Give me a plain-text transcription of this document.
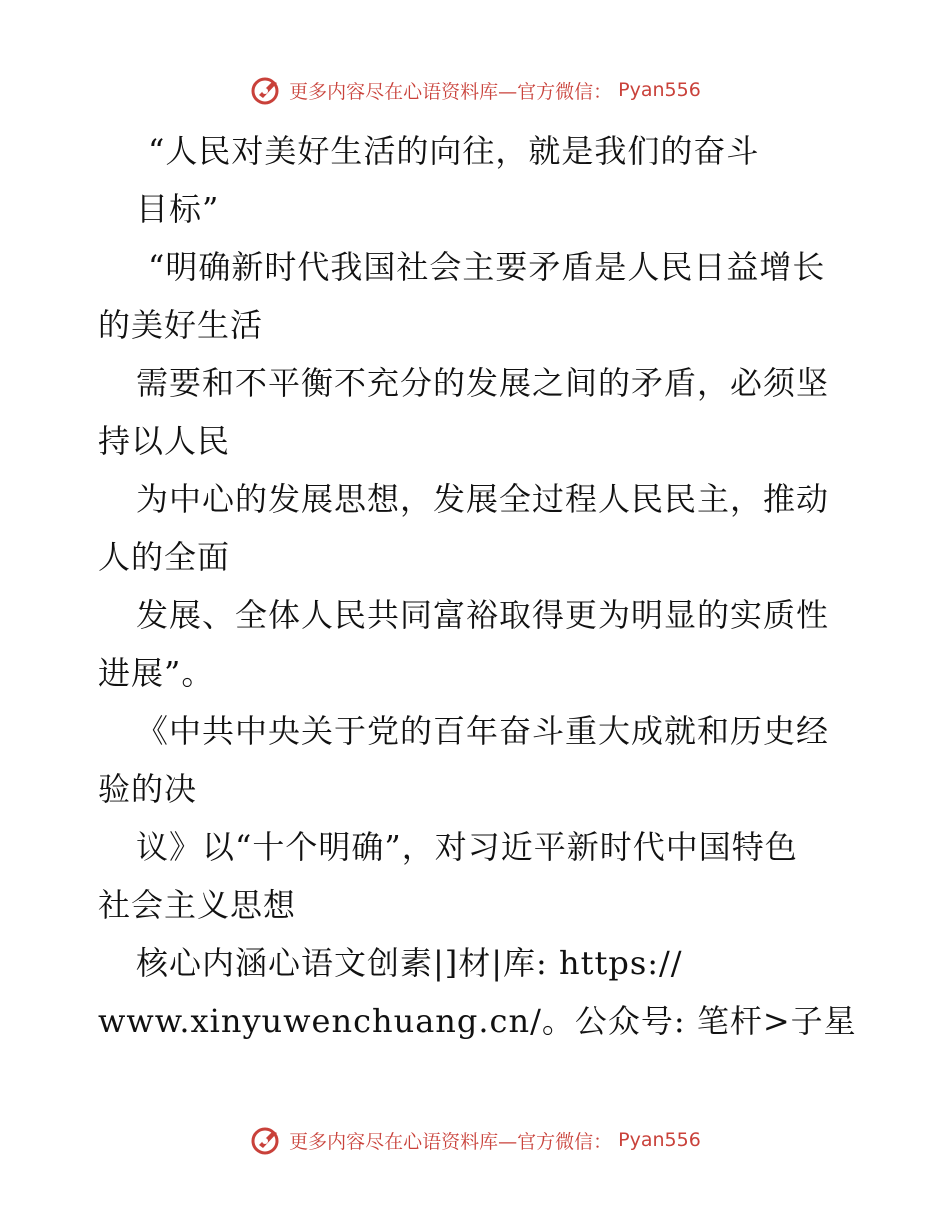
更多内容尽在心语资料库—官方微信： Pyan556
“人民对美好生活的向往，就是我们的奋斗
目标”
“明确新时代我国社会主要矛盾是人民日益增长
的美好生活
需要和不平衡不充分的发展之间的矛盾，必须坚
持以人民
为中心的发展思想，发展全过程人民民主，推动
人的全面
发展、全体人民共同富裕取得更为明显的实质性
进展”。
《中共中央关于党的百年奋斗重大成就和历史经
验的决
议》以“十个明确”，对习近平新时代中国特色
社会主义思想
核心内涵心语文创素|]材|库: https://
www.xinyuwenchuang.cn/。公众号: 笔杆>子星
更多内容尽在心语资料库—官方微信： Pyan556
